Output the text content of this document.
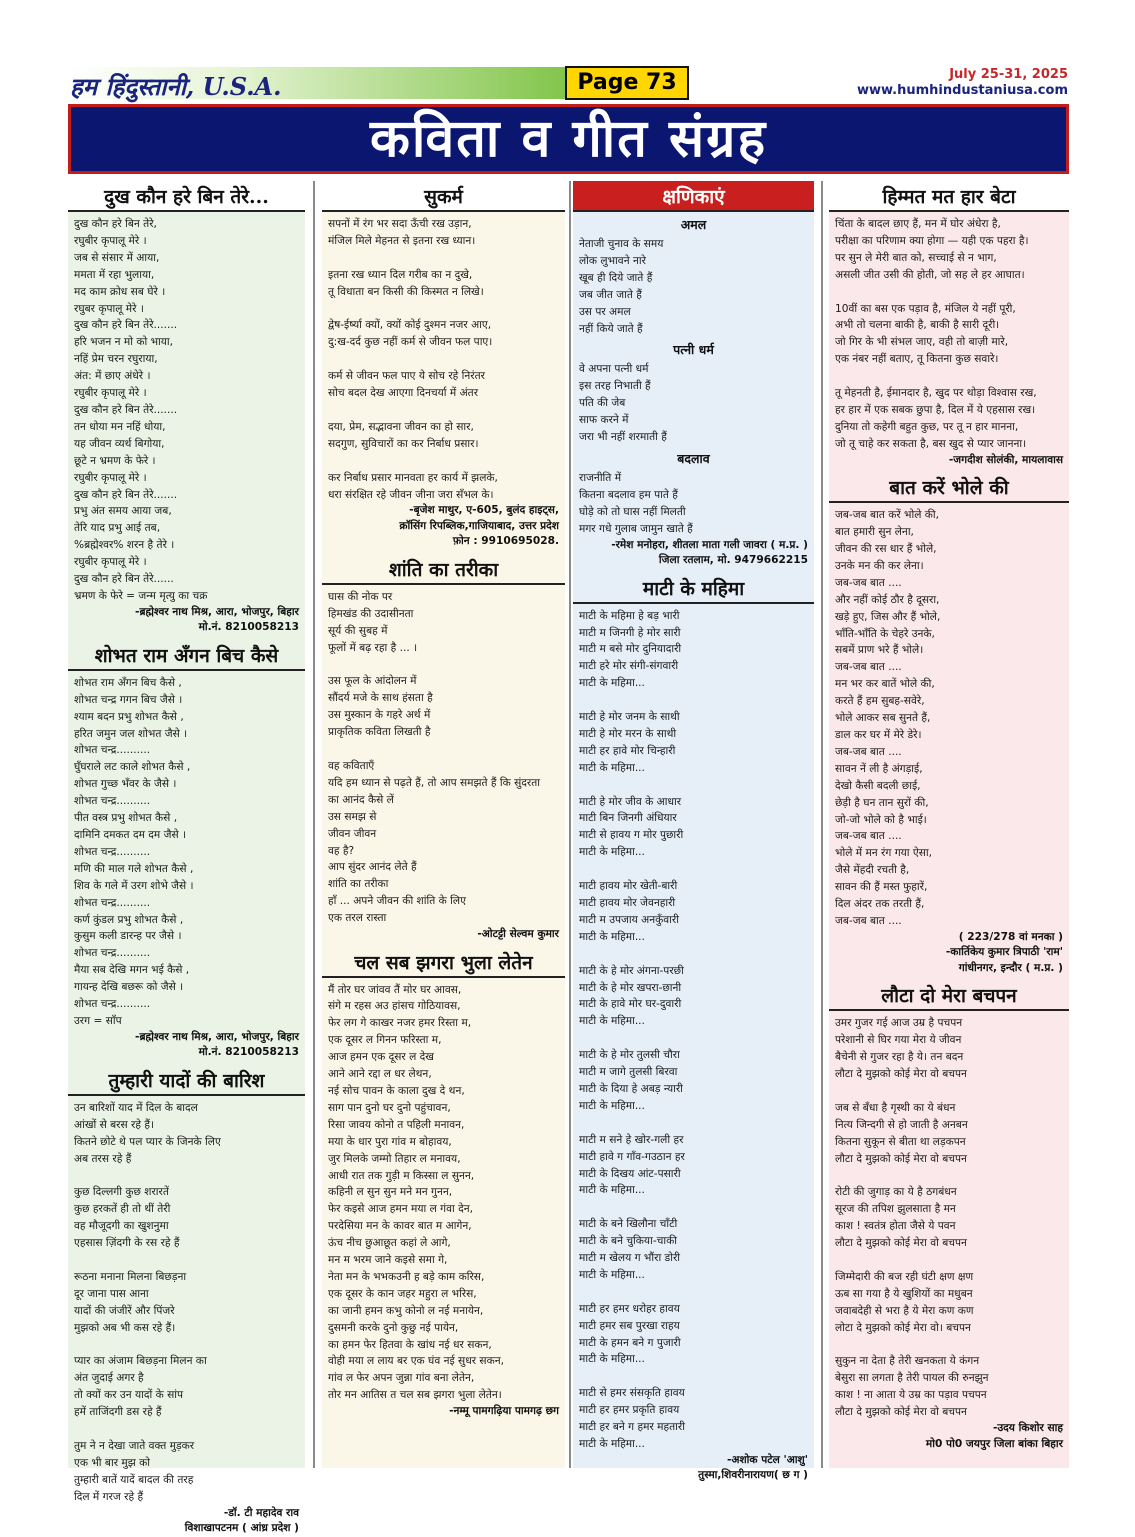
हम हिंदुस्तानी, U.S.A.	Page 73	July 25-31, 2025
www.humhindustaniusa.com
कविता व गीत संग्रह
दुख कौन हरे बिन तेरे...
दुख कौन हरे बिन तेरे,
रघुबीर कृपालू मेरे ।
जब से संसार में आया,
ममता में रहा भुलाया,
मद काम क्रोध सब घेरे ।
रघुबर कृपालू मेरे ।
दुख कौन हरे बिन तेरे.......
हरि भजन न मो को भाया,
नहिं प्रेम चरन रघुराया,
अंत: में छाए अंधेरे ।
रघुबीर कृपालू मेरे ।
दुख कौन हरे बिन तेरे.......
तन धोया मन नहिं धोया,
यह जीवन व्यर्थ बिगोया,
छूटे न भ्रमण के फेरे ।
रघुबीर कृपालू मेरे ।
दुख कौन हरे बिन तेरे.......
प्रभु अंत समय आया जब,
तेरि याद प्रभु आई तब,
%ब्रह्मेश्वर% शरन है तेरे ।
रघुबीर कृपालू मेरे ।
दुख कौन हरे बिन तेरे......
भ्रमण के फेरे = जन्म मृत्यु का चक्र
-ब्रह्मेश्वर नाथ मिश्र, आरा, भोजपुर, बिहार
मो.नं. 8210058213
शोभत राम अँगन बिच कैसे
शोभत राम अँगन बिच कैसे ,
शोभत चन्द्र गगन बिच जैसे ।
श्याम बदन प्रभु शोभत कैसे ,
हरित जमुन जल शोभत जैसे ।
शोभत चन्द्र..........
घुँघराले लट काले शोभत कैसे ,
शोभत गुच्छ भँवर के जैसे ।
शोभत चन्द्र..........
पीत वस्त्र प्रभु शोभत कैसे ,
दामिनि दमकत दम दम जैसे ।
शोभत चन्द्र..........
मणि की माल गले शोभत कैसे ,
शिव के गले में उरग शोभे जैसे ।
शोभत चन्द्र..........
कर्ण कुंडल प्रभु शोभत कैसे ,
कुसुम कली डारन्ह पर जैसे ।
शोभत चन्द्र..........
मैया सब देखि मगन भई कैसे ,
गायन्ह देखि बछरू को जैसे ।
शोभत चन्द्र..........
उरग = साँप
-ब्रह्मेश्वर नाथ मिश्र, आरा, भोजपुर, बिहार
मो.नं. 8210058213
तुम्हारी यादों की बारिश
उन बारिशों याद में दिल के बादल
आंखों से बरस रहे हैं।
कितने छोटे थे पल प्यार के जिनके लिए
अब तरस रहे हैं

कुछ दिल्लगी कुछ शरारतें
कुछ हरकतें ही तो थीं तेरी
वह मौजूदगी का खुशनुमा
एहसास ज़िंदगी के रस रहे हैं

रूठना मनाना मिलना बिछड़ना
दूर जाना पास आना
यादों की जंजीरें और पिंजरे
मुझको अब भी कस रहे हैं।

प्यार का अंजाम बिछड़ना मिलन का
अंत जुदाई अगर है
तो क्यों कर उन यादों के सांप
हमें ताजिंदगी डस रहे हैं

तुम ने न देखा जाते वक्त मुड़कर
एक भी बार मुझ को
तुम्हारी बातें यादें बादल की तरह
दिल में गरज रहे हैं
-डॉ. टी महादेव राव
विशाखापटनम ( आंध्र प्रदेश )
सुकर्म
सपनों में रंग भर सदा ऊँची रख उड़ान,
मंजिल मिले मेहनत से इतना रख ध्यान।

इतना रख ध्यान दिल गरीब का न दुखे,
तू विधाता बन किसी की किस्मत न लिखे।

द्वेष-ईर्ष्या क्यों, क्यों कोई दुश्मन नजर आए,
दु:ख-दर्द कुछ नहीं कर्म से जीवन फल पाए।

कर्म से जीवन फल पाए ये सोच रहे निरंतर
सोच बदल देख आएगा दिनचर्या में अंतर

दया, प्रेम, सद्भावना जीवन का हो सार,
सदगुण, सुविचारों का कर निर्बाध प्रसार।

कर निर्बाध प्रसार मानवता हर कार्य में झलके,
धरा संरक्षित रहे जीवन जीना जरा सँभल के।
-बृजेश माथुर, ए-605, बुलंद हाइट्स,
क्रॉसिंग रिपब्लिक,गाजियाबाद, उत्तर प्रदेश
फ़ोन : 9910695028.
शांति का तरीका
घास की नोक पर
हिमखंड की उदासीनता
सूर्य की सुबह में
फूलों में बढ़ रहा है ... ।

उस फूल के आंदोलन में
सौंदर्य मजे के साथ हंसता है
उस मुस्कान के गहरे अर्थ में
प्राकृतिक कविता लिखती है

वह कविताएँ
यदि हम ध्यान से पढ़ते हैं, तो आप समझते हैं कि सुंदरता
का आनंद कैसे लें
उस समझ से
जीवन जीवन
वह है?
आप सुंदर आनंद लेते हैं
शांति का तरीका
हाँ ... अपने जीवन की शांति के लिए
एक तरल रास्ता
-ओटट्टी सेल्वम कुमार
चल सब झगरा भुला लेतेन
मैं तोर घर जांवव तैं मोर घर आवस,
संगे म रहस अउ हांसच गोठियावस,
फेर लग गे काखर नजर हमर रिस्ता म,
एक दूसर ल गिनन फरिस्ता म,
आज हमन एक दूसर ल देख
आने आने रद्दा ल धर लेथन,
नई सोच पावन के काला दुख दे थन,
साग पान दुनो घर दुनो पहुंचावन,
रिसा जावय कोनो त पहिली मनावन,
मया के धार पुरा गांव म बोहावय,
जुर मिलके जम्मो तिहार ल मनावय,
आधी रात तक गुड़ी म किस्सा ल सुनन,
कहिनी ल सुन सुन मने मन गुनन,
फेर कइसे आज हमन मया ल गंवा देन,
परदेसिया मन के कावर बात म आगेन,
ऊंच नीच छुआछूत कहां ले आगे,
मन म भरम जाने कइसे समा गे,
नेता मन के भभकउनी ह बड़े काम करिस,
एक दूसर के कान जहर महुरा ल भरिस,
का जानी हमन कभु कोनो ल नई मनायेन,
दुसमनी करके दुनो कुछु नई पायेन,
का हमन फेर हितवा के खांध नई धर सकन,
वोही मया ल लाय बर एक घंव नई सुधर सकन,
गांव ल फेर अपन जुन्ना गांव बना लेतेन,
तोर मन आतिस त चल सब झगरा भुला लेतेन।
-नम्मू पामगढ़िया पामगढ़ छग
क्षणिकाएं
अमल
नेताजी चुनाव के समय
लोक लुभावने नारे
खूब ही दिये जाते हैं
जब जीत जाते हैं
उस पर अमल
नहीं किये जाते हैं
पत्नी धर्म
वे अपना पत्नी धर्म
इस तरह निभाती हैं
पति की जेब
साफ करने में
जरा भी नहीं शरमाती हैं
बदलाव
राजनीति में
कितना बदलाव हम पाते हैं
घोड़े को तो घास नहीं मिलती
मगर गधे गुलाब जामुन खाते हैं
-रमेश मनोहरा, शीतला माता गली जावरा ( म.प्र. )
जिला रतलाम, मो. 9479662215
माटी के महिमा
माटी के महिमा हे बड़ भारी
माटी म जिनगी हे मोर सारी
माटी म बसे मोर दुनियादारी
माटी हरे मोर संगी-संगवारी
माटी के महिमा...

माटी हे मोर जनम के साथी
माटी हे मोर मरन के साथी
माटी हर हावे मोर चिन्हारी
माटी के महिमा...

माटी हे मोर जीव के आधार
माटी बिन जिनगी अंधियार
माटी से हावय ग मोर पुछारी
माटी के महिमा...

माटी हावय मोर खेती-बारी
माटी हावय मोर जेवनहारी
माटी म उपजाय अनकुँवारी
माटी के महिमा...

माटी के हे मोर अंगना-परछी
माटी के हे मोर खपरा-छानी
माटी के हावे मोर घर-दुवारी
माटी के महिमा...

माटी के हे मोर तुलसी चौरा
माटी म जागे तुलसी बिरवा
माटी के दिया हे अबड़ न्यारी
माटी के महिमा...

माटी म सने हे खोर-गली हर
माटी हावे ग गाँव-गउठान हर
माटी के दिखय आंट-पसारी
माटी के महिमा...

माटी के बने खिलौना चाँटी
माटी के बने चुकिया-चाकी
माटी म खेलय ग भौंरा डोरी
माटी के महिमा...

माटी हर हमर धरोहर हावय
माटी हमर सब पुरखा राहय
माटी के हमन बने ग पुजारी
माटी के महिमा...

माटी से हमर संसकृति हावय
माटी हर हमर प्रकृति हावय
माटी हर बने ग हमर महतारी
माटी के महिमा...
-अशोक पटेल 'आशु'
तुस्मा,शिवरीनारायण( छ ग )
हिम्मत मत हार बेटा
चिंता के बादल छाए हैं, मन में घोर अंधेरा है,
परीक्षा का परिणाम क्या होगा — यही एक पहरा है।
पर सुन ले मेरी बात को, सच्चाई से न भाग,
असली जीत उसी की होती, जो सह ले हर आघात।

10वीं का बस एक पड़ाव है, मंजिल ये नहीं पूरी,
अभी तो चलना बाकी है, बाकी है सारी दूरी।
जो गिर के भी संभल जाए, वही तो बाज़ी मारे,
एक नंबर नहीं बताए, तू कितना कुछ सवारे।

तू मेहनती है, ईमानदार है, खुद पर थोड़ा विश्वास रख,
हर हार में एक सबक छुपा है, दिल में ये एहसास रख।
दुनिया तो कहेगी बहुत कुछ, पर तू न हार मानना,
जो तू चाहे कर सकता है, बस खुद से प्यार जानना।
-जगदीश सोलंकी, मायलावास
बात करें भोले की
जब-जब बात करें भोले की,
बात हमारी सुन लेना,
जीवन की रस धार हैं भोले,
उनके मन की कर लेना।
जब-जब बात ....
और नहीं कोई ठौर है दूसरा,
खड़े हुए, जिस और हैं भोले,
भाँति-भाँति के चेहरे उनके,
सबमें प्राण भरे हैं भोले।
जब-जब बात ....
मन भर कर बातें भोले की,
करते हैं हम सुबह-सवेरे,
भोले आकर सब सुनते हैं,
डाल कर घर में मेरे डेरे।
जब-जब बात ....
सावन नें ली है अंगड़ाई,
देखो कैसी बदली छाई,
छेड़ी है घन तान सुरों की,
जो-जो भोले को है भाई।
जब-जब बात ....
भोले में मन रंग गया ऐसा,
जैसे मेंहदी रचती है,
सावन की हैं मस्त फुहारें,
दिल अंदर तक तरती हैं,
जब-जब बात ....
( 223/278 वां मनका )
-कार्तिकेय कुमार त्रिपाठी 'राम'
गांधीनगर, इन्दौर ( म.प्र. )
लौटा दो मेरा बचपन
उमर गुजर गई आज उम्र है पचपन
परेशानी से घिर गया मेरा ये जीवन
बैचेनी से गुजर रहा है ये। तन बदन
लौटा दे मुझको कोई मेरा वो बचपन

जब से बँधा है गृस्थी का ये बंधन
नित्य जिन्दगी से हो जाती है अनबन
कितना सुकून से बीता था लड़कपन
लौटा दे मुझको कोई मेरा वो बचपन

रोटी की जुगाड़ का ये है ठगबंधन
सूरज की तपिश झुलसाता है मन
काश ! स्वतंत्र होता जैसे ये पवन
लौटा दे मुझको कोई मेरा वो बचपन

जिम्मेदारी की बज रही घंटी क्षण क्षण
ऊब सा गया है ये खुशियों का मधुबन
जवाबदेही से भरा है ये मेरा कण कण
लोटा दे मुझको कोई मेरा वो। बचपन

सुकुन ना देता है तेरी खनकता ये कंगन
बेसुरा सा लगता है तेरी पायल की रुनझुन
काश ! ना आता ये उम्र का पड़ाव पचपन
लौटा दे मुझको कोई मेरा वो बचपन
-उदय किशोर साह
मो0 पो0 जयपुर जिला बांका बिहार
